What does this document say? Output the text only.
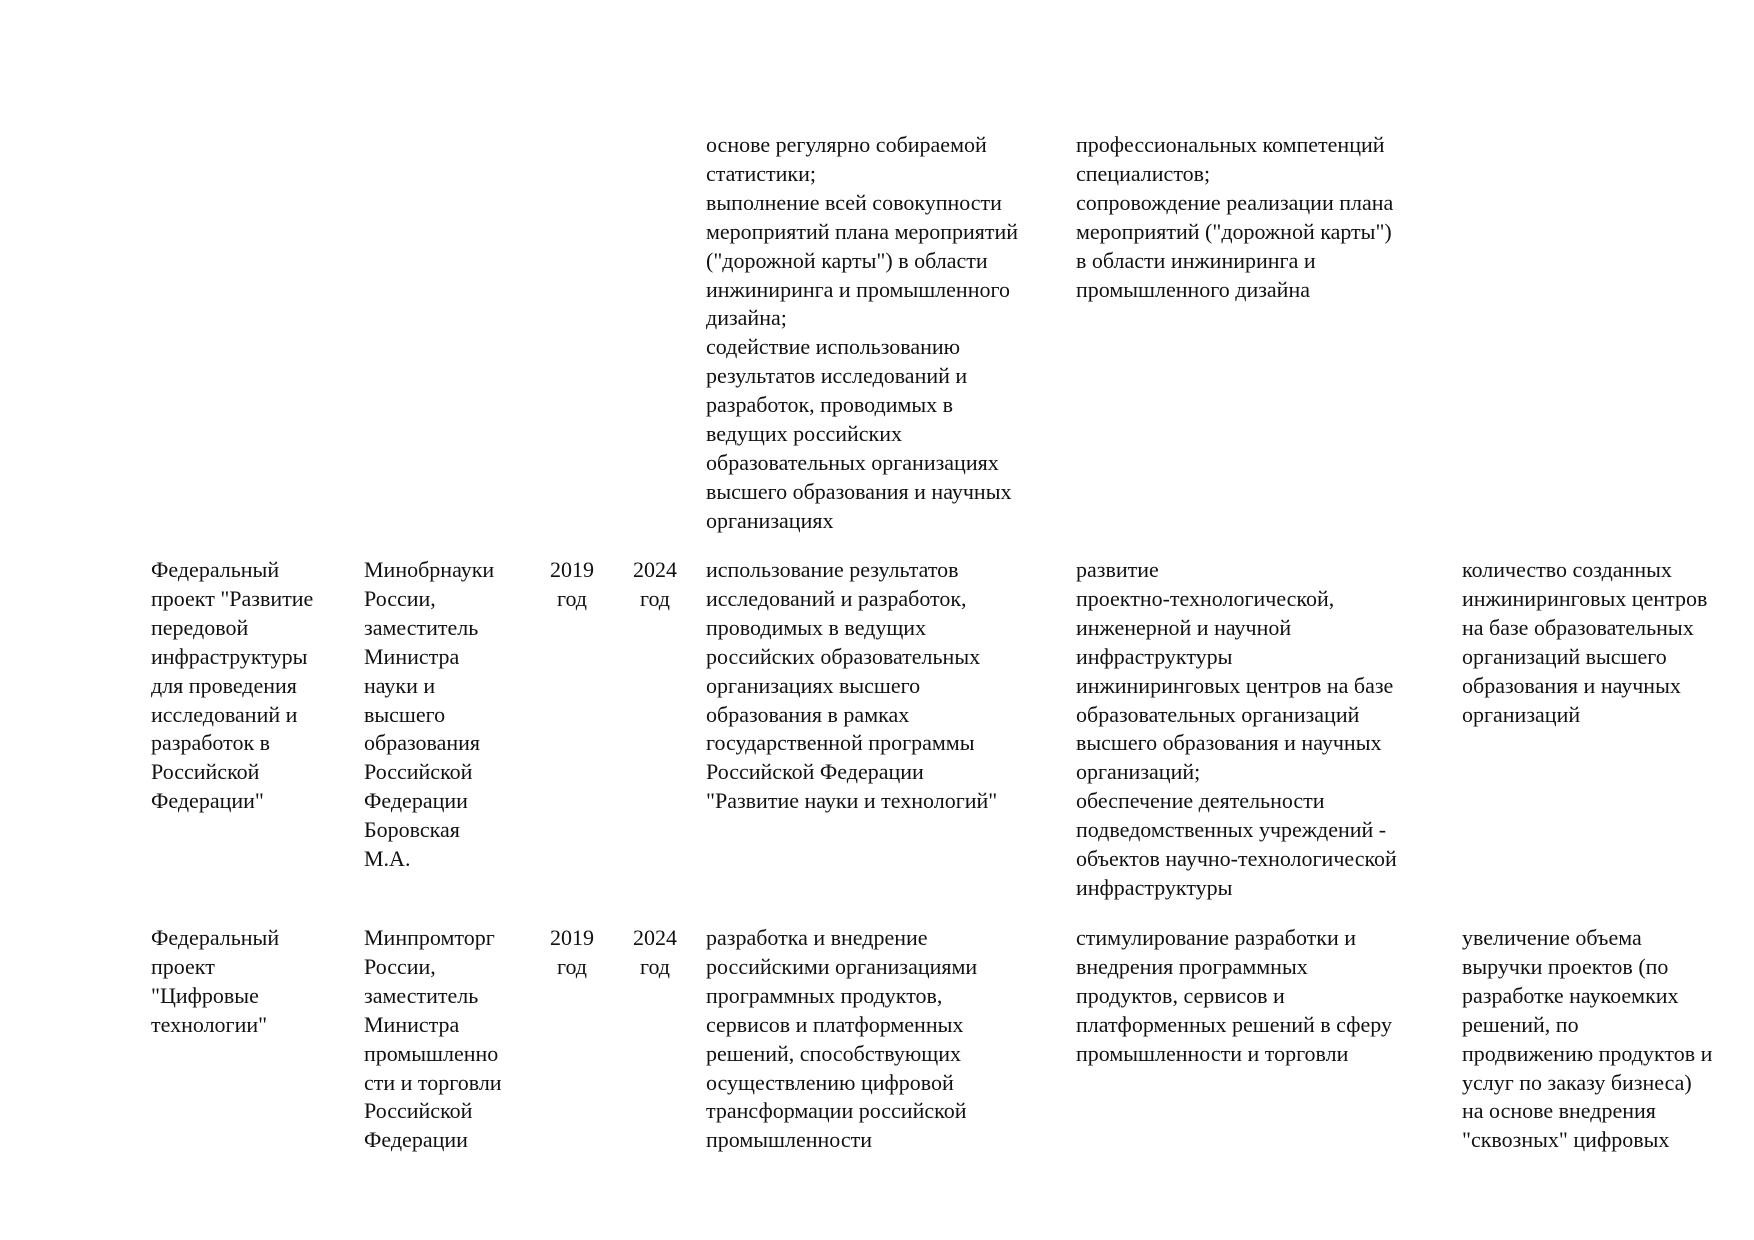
основе регулярно собираемой
статистики;
выполнение всей совокупности
мероприятий плана мероприятий
("дорожной карты") в области
инжиниринга и промышленного
дизайна;
содействие использованию
результатов исследований и
разработок, проводимых в
ведущих российских
образовательных организациях
высшего образования и научных
организациях
профессиональных компетенций
специалистов;
сопровождение реализации плана
мероприятий ("дорожной карты")
в области инжиниринга и
промышленного дизайна
Федеральный
проект "Развитие
передовой
инфраструктуры
для проведения
исследований и
разработок в
Российской
Федерации"
Минобрнауки
России,
заместитель
Министра
науки и
высшего
образования
Российской
Федерации
Боровская
М.А.
2019
год
2024
год
использование результатов
исследований и разработок,
проводимых в ведущих
российских образовательных
организациях высшего
образования в рамках
государственной программы
Российской Федерации
"Развитие науки и технологий"
развитие
проектно-технологической,
инженерной и научной
инфраструктуры
инжиниринговых центров на базе
образовательных организаций
высшего образования и научных
организаций;
обеспечение деятельности
подведомственных учреждений -
объектов научно-технологической
инфраструктуры
количество созданных
инжиниринговых центров
на базе образовательных
организаций высшего
образования и научных
организаций
Федеральный
проект
"Цифровые
технологии"
Минпромторг
России,
заместитель
Министра
промышленно
сти и торговли
Российской
Федерации
2019
год
2024
год
разработка и внедрение
российскими организациями
программных продуктов,
сервисов и платформенных
решений, способствующих
осуществлению цифровой
трансформации российской
промышленности
стимулирование разработки и
внедрения программных
продуктов, сервисов и
платформенных решений в сферу
промышленности и торговли
увеличение объема
выручки проектов (по
разработке наукоемких
решений, по
продвижению продуктов и
услуг по заказу бизнеса)
на основе внедрения
"сквозных" цифровых
